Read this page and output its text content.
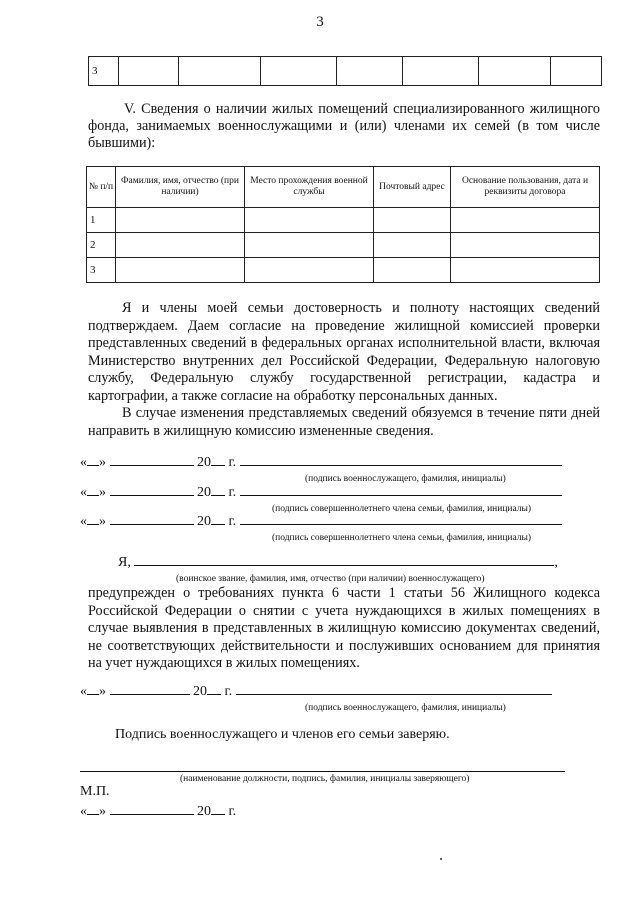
3
3							
V. Сведения о наличии жилых помещений специализированного жилищного фонда, занимаемых военнослужащими и (или) членами их семей (в том числе бывшими):
№ п/п	Фамилия, имя, отчество (при наличии)	Место прохождения военной службы	Почтовый адрес	Основание пользования, дата и реквизиты договора
1				
2				
3				

Я и члены моей семьи достоверность и полноту настоящих сведений подтверждаем. Даем согласие на проведение жилищной комиссией проверки представленных сведений в федеральных органах исполнительной власти, включая Министерство внутренних дел Российской Федерации, Федеральную налоговую службу, Федеральную службу государственной регистрации, кадастра и картографии, а также согласие на обработку персональных данных.

В случае изменения представляемых сведений обязуемся в течение пяти дней направить в жилищную комиссию измененные сведения.

« »	20 г.
(подпись военнослужащего, фамилия, инициалы)
« »	20 г.
(подпись совершеннолетнего члена семьи, фамилия, инициалы)
« »	20 г.
(подпись совершеннолетнего члена семьи, фамилия, инициалы)
Я,	,
(воинское звание, фамилия, имя, отчество (при наличии) военнослужащего)

предупрежден о требованиях пункта 6 части 1 статьи 56 Жилищного кодекса Российской Федерации о снятии с учета нуждающихся в жилых помещениях в случае выявления в представленных в жилищную комиссию документах сведений, не соответствующих действительности и послуживших основанием для принятия на учет нуждающихся в жилых помещениях.

« »	20 г.
(подпись военнослужащего, фамилия, инициалы)
Подпись военнослужащего и членов его семьи заверяю.
(наименование должности, подпись, фамилия, инициалы заверяющего)
М.П.
« »	20 г.
